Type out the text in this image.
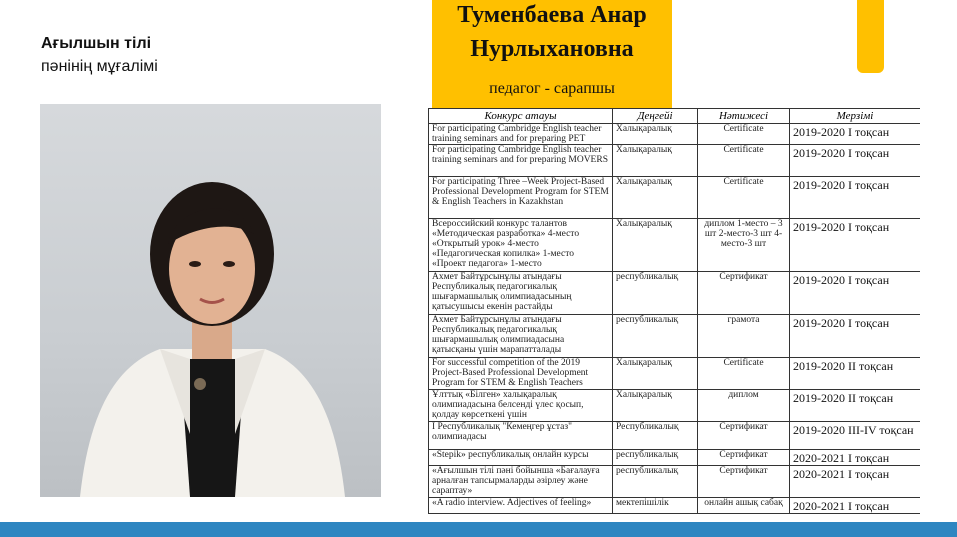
Ағылшын тілі
пәнінің мұғалімі
Туменбаева Анар
Нурлыхановна
педагог - сарапшы
Конкурс атауы	Деңгейі	Нәтижесі	Мерзімі
For participating Cambridge English teacher training seminars and for preparing PET	Халықаралық	Certificate	2019-2020 I тоқсан
For participating Cambridge English teacher training seminars and for preparing MOVERS	Халықаралық	Certificate	2019-2020 I тоқсан
For participating Three –Week Project-Based Professional Development Program for STEM & English Teachers in Kazakhstan	Халықаралық	Certificate	2019-2020 I тоқсан
Всероссийский конкурс талантов «Методическая разработка» 4-место «Открытый урок» 4-место «Педагогическая копилка» 1-место «Проект педагога» 1-место	Халықаралық	диплом 1-место – 3 шт 2-место-3 шт 4-место-3 шт	2019-2020 I тоқсан
Ахмет Байтұрсынұлы атындағы Республикалық педагогикалық шығармашылық олимпиадасының қатысушысы екенін растайды	республикалық	Сертификат	2019-2020 I тоқсан
Ахмет Байтұрсынұлы атындағы Республикалық педагогикалық шығармашылық олимпиадасына қатысқаны үшін марапатталады	республикалық	грамота	2019-2020 I тоқсан
For successful competition of the 2019 Project-Based Professional Development Program for STEM & English Teachers	Халықаралық	Certificate	2019-2020 II тоқсан
Ұлттық «Білген» халықаралық олимпиадасына белсенді үлес қосып, қолдау көрсеткені үшін	Халықаралық	диплом	2019-2020 II тоқсан
I Республикалық "Кемеңгер ұстаз" олимпиадасы	Республикалық	Сертификат	2019-2020 III-IV тоқсан
«Stepik» республикалық онлайн курсы	республикалық	Сертификат	2020-2021 I тоқсан
«Ағылшын тілі пәні бойынша «Бағалауға арналған тапсырмаларды әзірлеу және сараптау»	республикалық	Сертификат	2020-2021 I тоқсан
«A radio interview. Adjectives of feeling»	мектепішілік	онлайн ашық сабақ	2020-2021 I тоқсан
